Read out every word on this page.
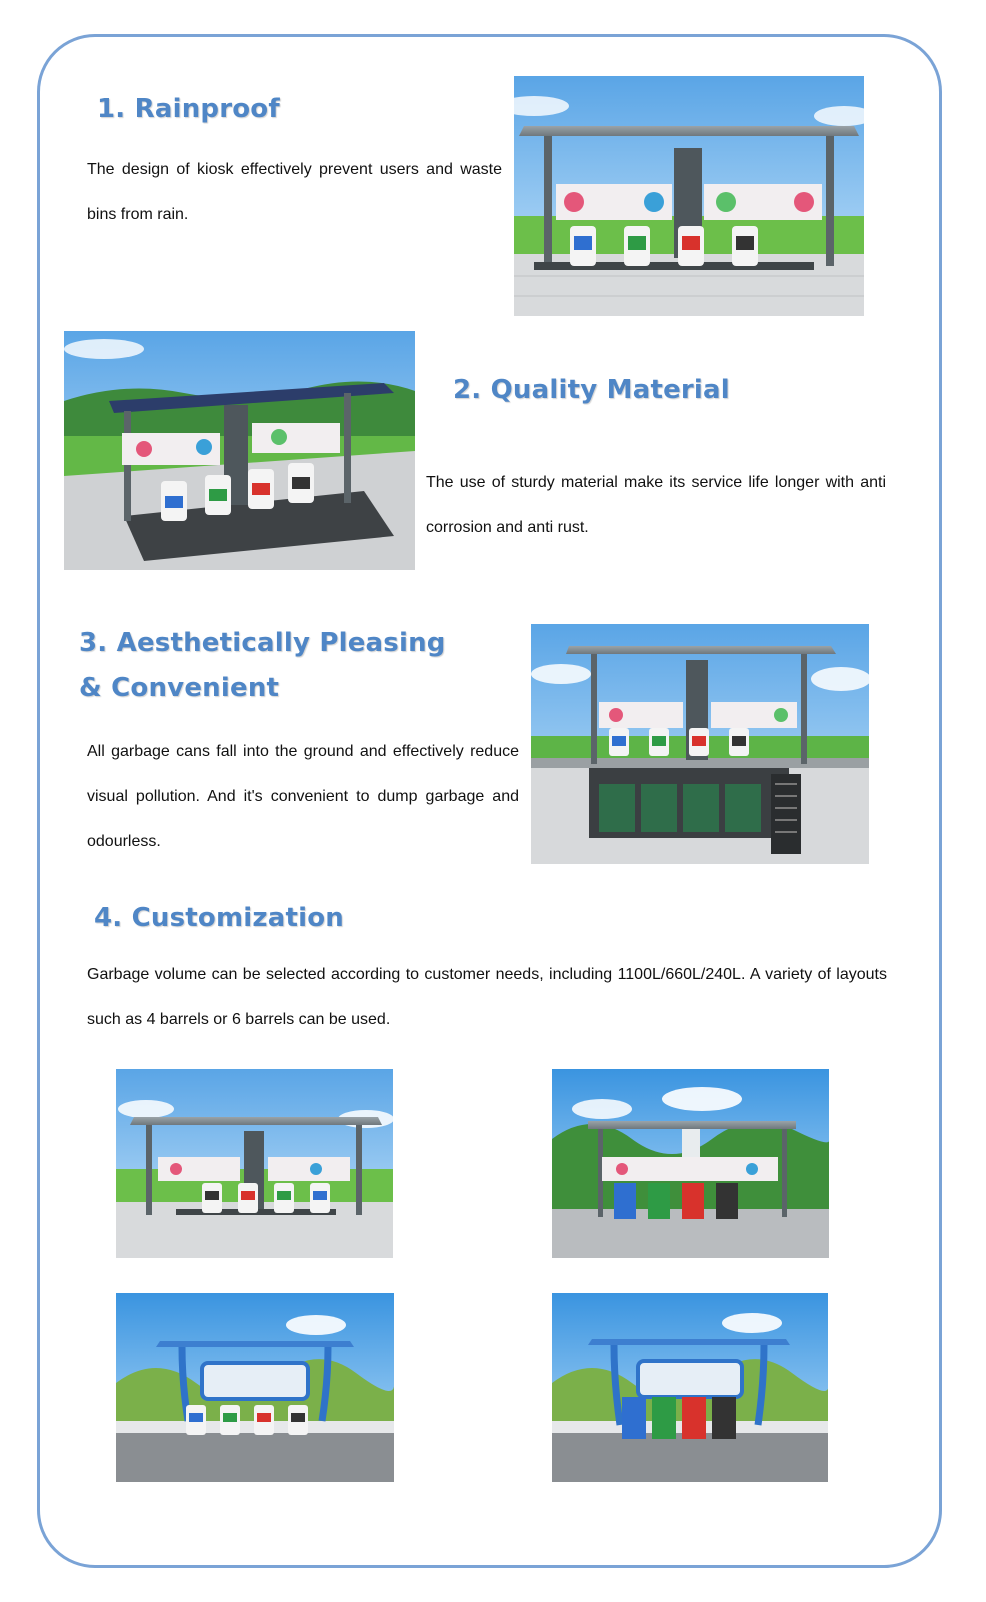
1. Rainproof

The design of kiosk effectively prevent users and waste bins from rain.

2. Quality Material

The use of sturdy material make its service life longer with anti corrosion and anti rust.

3. Aesthetically Pleasing
& Convenient

All garbage cans fall into the ground and effectively reduce visual pollution. And it's convenient to dump garbage and odourless.

4. Customization

Garbage volume can be selected according to customer needs, including 1100L/660L/240L. A variety of layouts such as 4 barrels or 6 barrels can be used.
